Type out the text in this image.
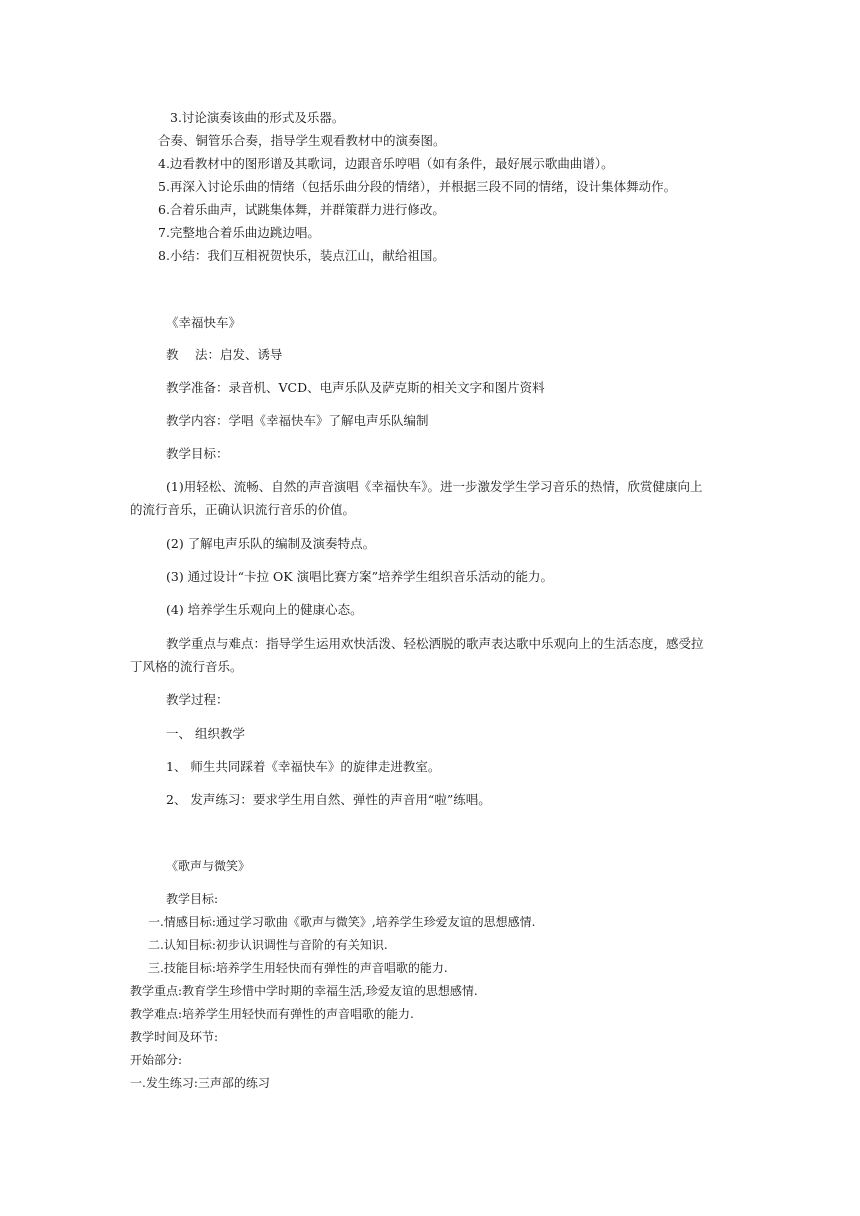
3.讨论演奏该曲的形式及乐器。
合奏、铜管乐合奏，指导学生观看教材中的演奏图。
4.边看教材中的图形谱及其歌词，边跟音乐哼唱（如有条件，最好展示歌曲曲谱）。
5.再深入讨论乐曲的情绪（包括乐曲分段的情绪），并根据三段不同的情绪，设计集体舞动作。
6.合着乐曲声，试跳集体舞，并群策群力进行修改。
7.完整地合着乐曲边跳边唱。
8.小结：我们互相祝贺快乐，装点江山，献给祖国。
《幸福快车》
教　 法：启发、诱导
教学准备：录音机、VCD、电声乐队及萨克斯的相关文字和图片资料
教学内容：学唱《幸福快车》了解电声乐队编制
教学目标：
(1)用轻松、流畅、自然的声音演唱《幸福快车》。进一步激发学生学习音乐的热情，欣赏健康向上
的流行音乐，正确认识流行音乐的价值。
(2) 了解电声乐队的编制及演奏特点。
(3) 通过设计“卡拉 OK 演唱比赛方案”培养学生组织音乐活动的能力。
(4) 培养学生乐观向上的健康心态。
教学重点与难点：指导学生运用欢快活泼、轻松洒脱的歌声表达歌中乐观向上的生活态度，感受拉
丁风格的流行音乐。
教学过程：
一、 组织教学
1、 师生共同踩着《幸福快车》的旋律走进教室。
2、 发声练习：要求学生用自然、弹性的声音用“啦”练唱。
《歌声与微笑》
教学目标:
一.情感目标:通过学习歌曲《歌声与微笑》,培养学生珍爱友谊的思想感情.
二.认知目标:初步认识调性与音阶的有关知识.
三.技能目标:培养学生用轻快而有弹性的声音唱歌的能力.
教学重点:教育学生珍惜中学时期的幸福生活,珍爱友谊的思想感情.
教学难点:培养学生用轻快而有弹性的声音唱歌的能力.
教学时间及环节:
开始部分:
一.发生练习:三声部的练习
